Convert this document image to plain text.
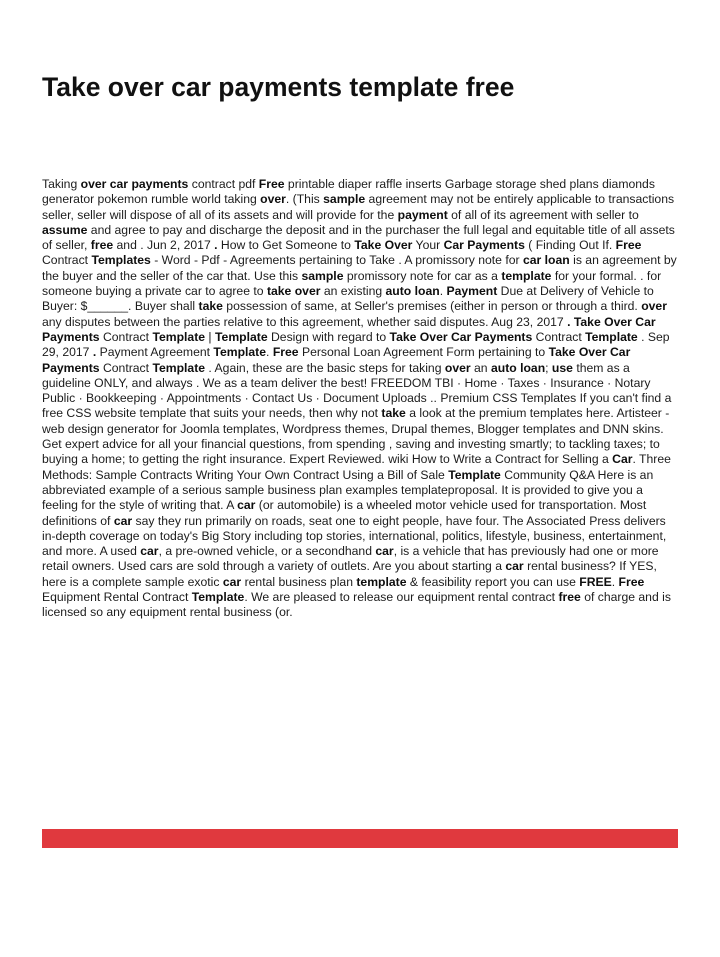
Take over car payments template free

Taking over car payments contract pdf Free printable diaper raffle inserts Garbage storage shed plans diamonds generator pokemon rumble world taking over. (This sample agreement may not be entirely applicable to transactions seller, seller will dispose of all of its assets and will provide for the payment of all of its agreement with seller to assume and agree to pay and discharge the deposit and in the purchaser the full legal and equitable title of all assets of seller, free and . Jun 2, 2017 . How to Get Someone to Take Over Your Car Payments ( Finding Out If. Free Contract Templates - Word - Pdf - Agreements pertaining to Take . A promissory note for car loan is an agreement by the buyer and the seller of the car that. Use this sample promissory note for car as a template for your formal. . for someone buying a private car to agree to take over an existing auto loan. Payment Due at Delivery of Vehicle to Buyer: $______. Buyer shall take possession of same, at Seller's premises (either in person or through a third. over any disputes between the parties relative to this agreement, whether said disputes. Aug 23, 2017 . Take Over Car Payments Contract Template | Template Design with regard to Take Over Car Payments Contract Template . Sep 29, 2017 . Payment Agreement Template. Free Personal Loan Agreement Form pertaining to Take Over Car Payments Contract Template . Again, these are the basic steps for taking over an auto loan; use them as a guideline ONLY, and always . We as a team deliver the best! FREEDOM TBI · Home · Taxes · Insurance · Notary Public · Bookkeeping · Appointments · Contact Us · Document Uploads .. Premium CSS Templates If you can't find a free CSS website template that suits your needs, then why not take a look at the premium templates here. Artisteer - web design generator for Joomla templates, Wordpress themes, Drupal themes, Blogger templates and DNN skins. Get expert advice for all your financial questions, from spending , saving and investing smartly; to tackling taxes; to buying a home; to getting the right insurance. Expert Reviewed. wiki How to Write a Contract for Selling a Car. Three Methods: Sample Contracts Writing Your Own Contract Using a Bill of Sale Template Community Q&A Here is an abbreviated example of a serious sample business plan examples templateproposal. It is provided to give you a feeling for the style of writing that. A car (or automobile) is a wheeled motor vehicle used for transportation. Most definitions of car say they run primarily on roads, seat one to eight people, have four. The Associated Press delivers in-depth coverage on today's Big Story including top stories, international, politics, lifestyle, business, entertainment, and more. A used car, a pre-owned vehicle, or a secondhand car, is a vehicle that has previously had one or more retail owners. Used cars are sold through a variety of outlets. Are you about starting a car rental business? If YES, here is a complete sample exotic car rental business plan template & feasibility report you can use FREE. Free Equipment Rental Contract Template. We are pleased to release our equipment rental contract free of charge and is licensed so any equipment rental business (or.
